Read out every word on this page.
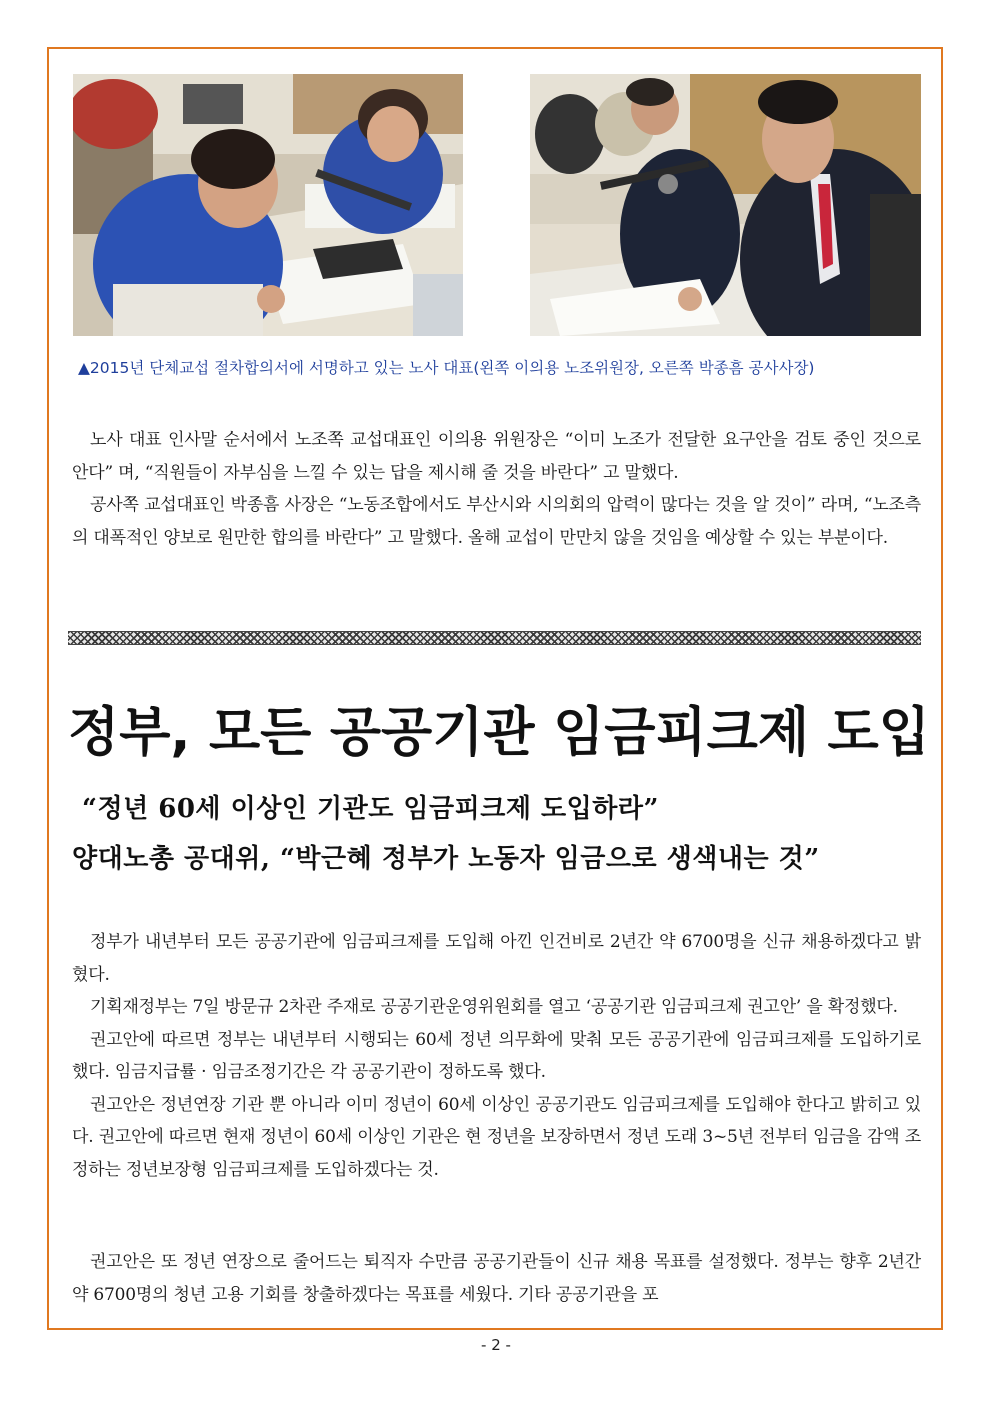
▲2015년 단체교섭 절차합의서에 서명하고 있는 노사 대표(왼쪽 이의용 노조위원장, 오른쪽 박종흠 공사사장)

노사 대표 인사말 순서에서 노조쪽 교섭대표인 이의용 위원장은 “이미 노조가 전달한 요구안을 검토 중인 것으로 안다” 며, “직원들이 자부심을 느낄 수 있는 답을 제시해 줄 것을 바란다” 고 말했다.

공사쪽 교섭대표인 박종흠 사장은 “노동조합에서도 부산시와 시의회의 압력이 많다는 것을 알 것이” 라며, “노조측의 대폭적인 양보로 원만한 합의를 바란다” 고 말했다. 올해 교섭이 만만치 않을 것임을 예상할 수 있는 부분이다.

정부, 모든 공공기관 임금피크제 도입
“정년 60세 이상인 기관도 임금피크제 도입하라”
양대노총 공대위, “박근혜 정부가 노동자 임금으로 생색내는 것”

정부가 내년부터 모든 공공기관에 임금피크제를 도입해 아낀 인건비로 2년간 약 6700명을 신규 채용하겠다고 밝혔다.

기획재정부는 7일 방문규 2차관 주재로 공공기관운영위원회를 열고 ‘공공기관 임금피크제 권고안’ 을 확정했다.

권고안에 따르면 정부는 내년부터 시행되는 60세 정년 의무화에 맞춰 모든 공공기관에 임금피크제를 도입하기로 했다. 임금지급률 · 임금조정기간은 각 공공기관이 정하도록 했다.

권고안은 정년연장 기관 뿐 아니라 이미 정년이 60세 이상인 공공기관도 임금피크제를 도입해야 한다고 밝히고 있다. 권고안에 따르면 현재 정년이 60세 이상인 기관은 현 정년을 보장하면서 정년 도래 3~5년 전부터 임금을 감액 조정하는 정년보장형 임금피크제를 도입하겠다는 것.

권고안은 또 정년 연장으로 줄어드는 퇴직자 수만큼 공공기관들이 신규 채용 목표를 설정했다. 정부는 향후 2년간 약 6700명의 청년 고용 기회를 창출하겠다는 목표를 세웠다. 기타 공공기관을 포

- 2 -
